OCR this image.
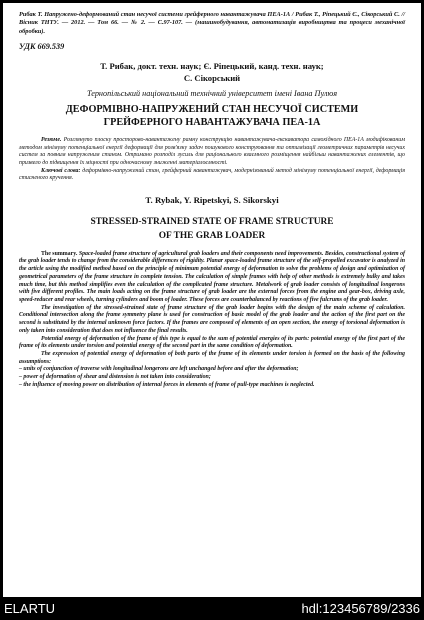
Рибак Т. Напружено-деформований стан несучої системи грейферного навантажувача ПЕА-1А / Рибак Т., Ріпецький Є., Сікорський С. // Вісник ТНТУ. — 2012. — Том 66. — № 2. — С.97-107. — (машинобудування, автоматизація виробництва та процеси механічної обробки).

УДК 669.539

Т. Рибак, докт. техн. наук; Є. Ріпецький, канд. техн. наук;
С. Сікорський

Тернопільський національний технічний університет імені Івана Пулюя

ДЕФОРМІВНО-НАПРУЖЕНИЙ СТАН НЕСУЧОЇ СИСТЕМИ
ГРЕЙФЕРНОГО НАВАНТАЖУВАЧА ПЕА-1А

Резюме. Розглянуто плоску просторово-навантажену рамну конструкцію навантажувача-екскаватора самохідного ПЕА-1А модифікованим методом мінімуму потенціальної енергії деформації для розв'язку задач пошукового конструювання та оптимізації геометричних параметрів несучих систем за повним напруженим станом. Отримано розподіл зусиль для раціонального взаємного розміщення найбільш навантажених елементів, що призвело до підвищення їх міцності при одночасному зниженні матеріалоємності.

Ключові слова: деформівно-напружений стан, грейферний навантажувач, модернізований метод мінімуму потенціальної енергії, деформація стисненого кручення.

T. Rybak, Y. Ripetskyi, S. Sikorskyi

STRESSED-STRAINED STATE OF FRAME STRUCTURE
OF THE GRAB LOADER

The summary. Space-loaded frame structure of agricultural grab loaders and their components need improvements. Besides, constructional system of the grab loader tends to change from the considerable differences of rigidity. Planar space-loaded frame structure of the self-propelled excavator is analyzed in the article using the modified method based on the principle of minimum potential energy of deformation to solve the problems of design and optimization of geometrical parameters of the frame structure in complete tension. The calculation of simple frames with help of other methods is extremely bulky and takes much time, but this method simplifies even the calculation of the complicated frame structure. Metalwork of grab loader consists of longitudinal longerons with five different profiles. The main loads acting on the frame structure of grab loader are the external forces from the engine and gear-box, driving axle, speed-reducer and rear wheels, turning cylinders and boom of loader. These forces are counterbalanced by reactions of five fulcrums of the grab loader.

The investigation of the stressed-strained state of frame structure of the grab loader begins with the design of the main scheme of calculation. Conditional intersection along the frame symmetry plane is used for construction of basic model of the grab loader and the action of the first part on the second is substituted by the internal unknown force factors. If the frames are composed of elements of an open section, the energy of torsional deformation is only taken into consideration that does not influence the final results.

Potential energy of deformation of the frame of this type is equal to the sum of potential energies of its parts: potential energy of the first part of the frame of its elements under torsion and potential energy of the second part in the same condition of deformation.

The expression of potential energy of deformation of both parts of the frame of its elements under torsion is formed on the basis of the following assumptions:

– units of conjunction of traverse with longitudinal longerons are left unchanged before and after the deformation;

– power of deformation of shear and distension is not taken into consideration;

– the influence of moving power on distribution of internal forces in elements of frame of pull-type machines is neglected.

ELARTU	hdl:123456789/2336
